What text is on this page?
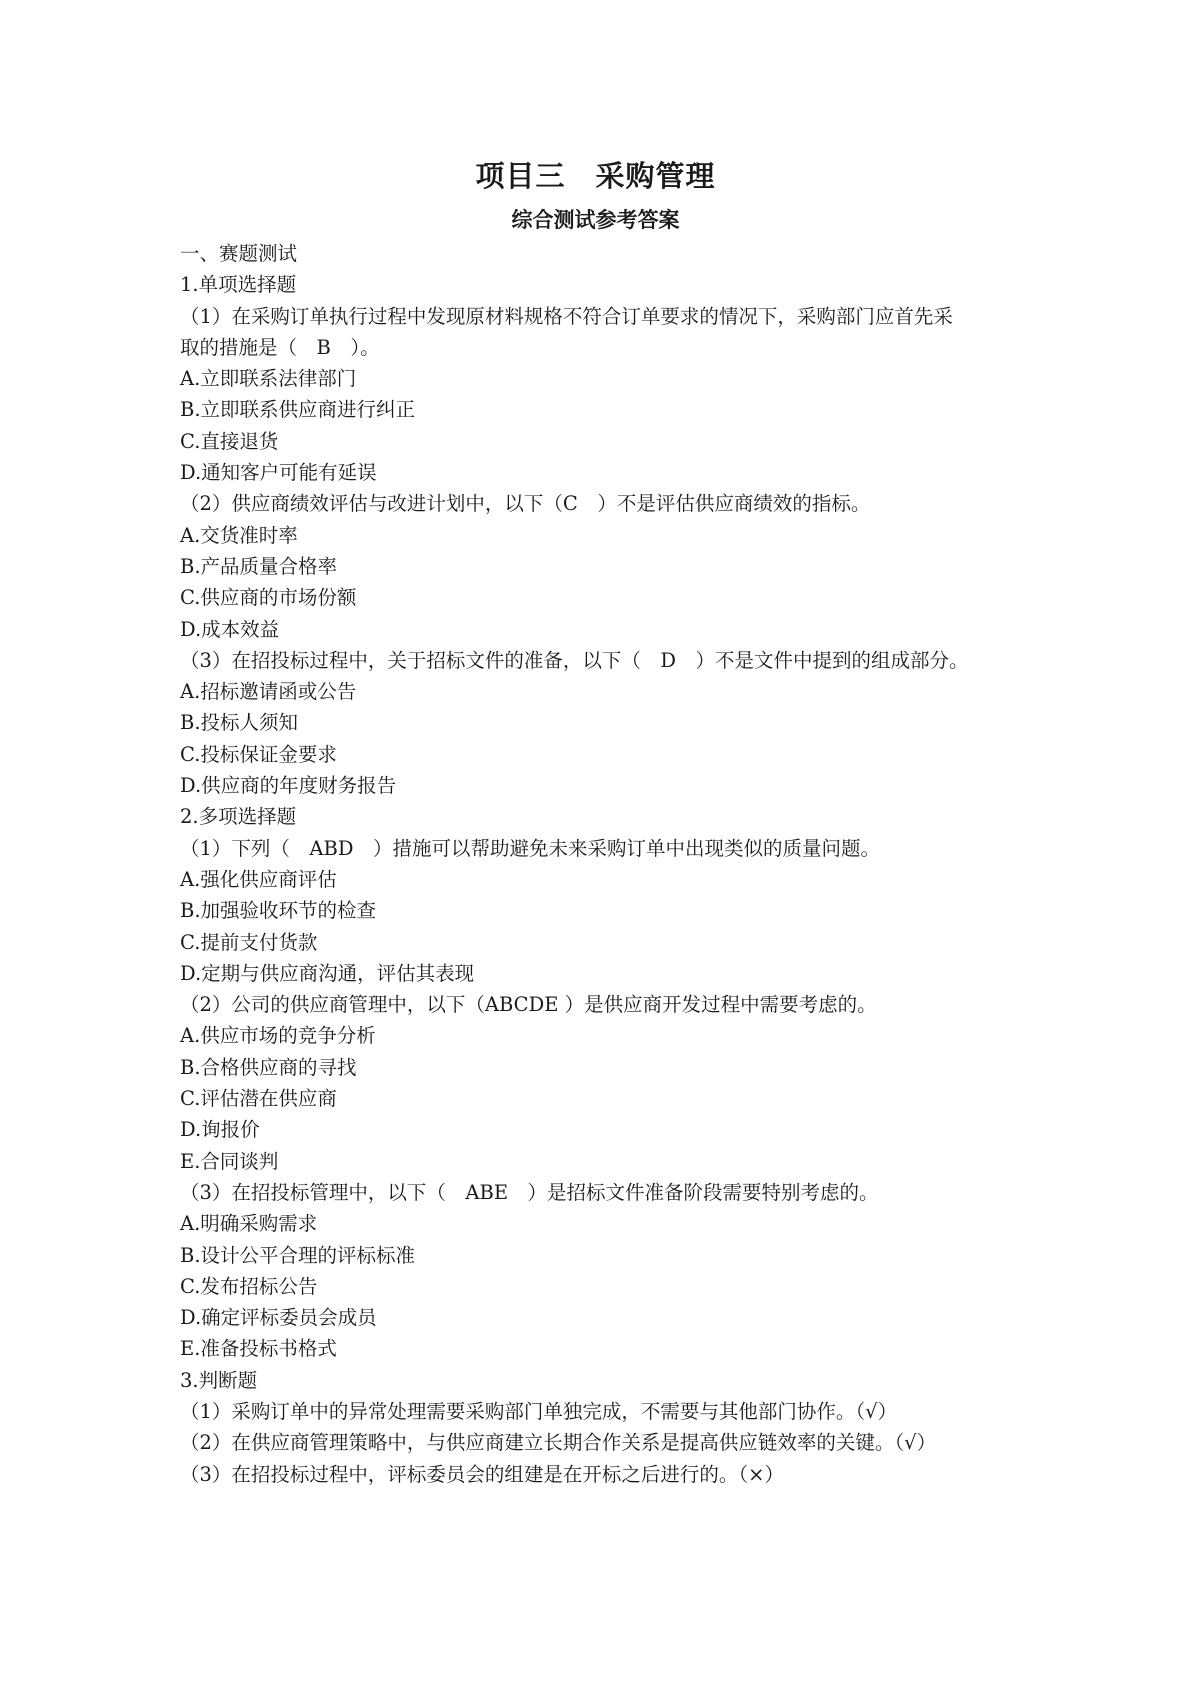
项目三　采购管理
综合测试参考答案
一、赛题测试
1.单项选择题
（1）在采购订单执行过程中发现原材料规格不符合订单要求的情况下，采购部门应首先采
取的措施是（　B　）。
A.立即联系法律部门
B.立即联系供应商进行纠正
C.直接退货
D.通知客户可能有延误
（2）供应商绩效评估与改进计划中，以下（C　）不是评估供应商绩效的指标。
A.交货准时率
B.产品质量合格率
C.供应商的市场份额
D.成本效益
（3）在招投标过程中，关于招标文件的准备，以下（　D　）不是文件中提到的组成部分。
A.招标邀请函或公告
B.投标人须知
C.投标保证金要求
D.供应商的年度财务报告
2.多项选择题
（1）下列（　ABD　）措施可以帮助避免未来采购订单中出现类似的质量问题。
A.强化供应商评估
B.加强验收环节的检查
C.提前支付货款
D.定期与供应商沟通，评估其表现
（2）公司的供应商管理中，以下（ABCDE ）是供应商开发过程中需要考虑的。
A.供应市场的竞争分析
B.合格供应商的寻找
C.评估潜在供应商
D.询报价
E.合同谈判
（3）在招投标管理中，以下（　ABE　）是招标文件准备阶段需要特别考虑的。
A.明确采购需求
B.设计公平合理的评标标准
C.发布招标公告
D.确定评标委员会成员
E.准备投标书格式
3.判断题
（1）采购订单中的异常处理需要采购部门单独完成，不需要与其他部门协作。（√）
（2）在供应商管理策略中，与供应商建立长期合作关系是提高供应链效率的关键。（√）
（3）在招投标过程中，评标委员会的组建是在开标之后进行的。（×）
